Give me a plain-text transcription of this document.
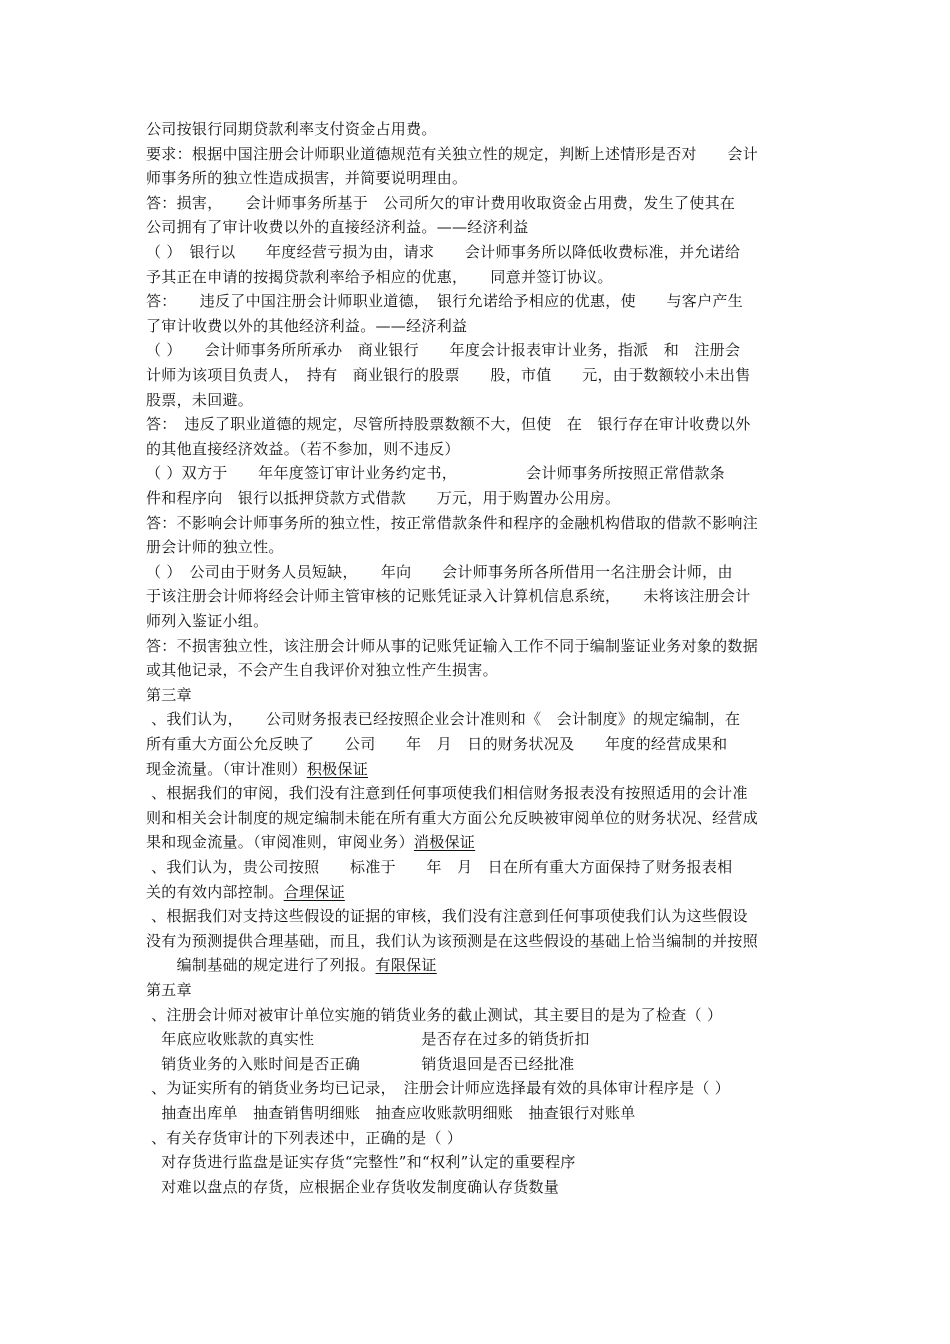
公司按银行同期贷款利率支付资金占用费。
要求：根据中国注册会计师职业道德规范有关独立性的规定，判断上述情形是否对　　会计
师事务所的独立性造成损害，并简要说明理由。
答：损害，　　会计师事务所基于　公司所欠的审计费用收取资金占用费，发生了使其在
公司拥有了审计收费以外的直接经济利益。——经济利益
（ ）　银行以　　年度经营亏损为由，请求　　会计师事务所以降低收费标准，并允诺给
予其正在申请的按揭贷款利率给予相应的优惠，　　同意并签订协议。
答：　　违反了中国注册会计师职业道德，　银行允诺给予相应的优惠，使　　与客户产生
了审计收费以外的其他经济利益。——经济利益
（ ）　　会计师事务所所承办　商业银行　　年度会计报表审计业务，指派　和　注册会
计师为该项目负责人，　持有　商业银行的股票　　股，市值　　元，由于数额较小未出售
股票，未回避。
答：　违反了职业道德的规定，尽管所持股票数额不大，但使　在　银行存在审计收费以外
的其他直接经济效益。（若不参加，则不违反）
（ ）双方于　　年年度签订审计业务约定书，　　　　　会计师事务所按照正常借款条
件和程序向　银行以抵押贷款方式借款　　万元，用于购置办公用房。
答：不影响会计师事务所的独立性，按正常借款条件和程序的金融机构借取的借款不影响注
册会计师的独立性。
（ ）　公司由于财务人员短缺，　　年向　　会计师事务所各所借用一名注册会计师，由
于该注册会计师将经会计师主管审核的记账凭证录入计算机信息系统，　　未将该注册会计
师列入鉴证小组。
答：不损害独立性，该注册会计师从事的记账凭证输入工作不同于编制鉴证业务对象的数据
或其他记录，不会产生自我评价对独立性产生损害。
第三章
、我们认为，　　公司财务报表已经按照企业会计准则和《　会计制度》的规定编制，在
所有重大方面公允反映了　　公司　　年　月　日的财务状况及　　年度的经营成果和
现金流量。（审计准则）积极保证
、根据我们的审阅，我们没有注意到任何事项使我们相信财务报表没有按照适用的会计准
则和相关会计制度的规定编制未能在所有重大方面公允反映被审阅单位的财务状况、经营成
果和现金流量。（审阅准则，审阅业务）消极保证
、我们认为，贵公司按照　　标准于　　年　月　日在所有重大方面保持了财务报表相
关的有效内部控制。合理保证
、根据我们对支持这些假设的证据的审核，我们没有注意到任何事项使我们认为这些假设
没有为预测提供合理基础，而且，我们认为该预测是在这些假设的基础上恰当编制的并按照
　　编制基础的规定进行了列报。有限保证
第五章
、注册会计师对被审计单位实施的销货业务的截止测试，其主要目的是为了检查（ ）
　年底应收账款的真实性　　　　　　　是否存在过多的销货折扣
　销货业务的入账时间是否正确　　　　销货退回是否已经批准
、为证实所有的销货业务均已记录，　注册会计师应选择最有效的具体审计程序是（ ）
　抽查出库单　抽查销售明细账　抽查应收账款明细账　抽查银行对账单
、有关存货审计的下列表述中，正确的是（ ）
　对存货进行监盘是证实存货“完整性”和“权利”认定的重要程序
　对难以盘点的存货，应根据企业存货收发制度确认存货数量
